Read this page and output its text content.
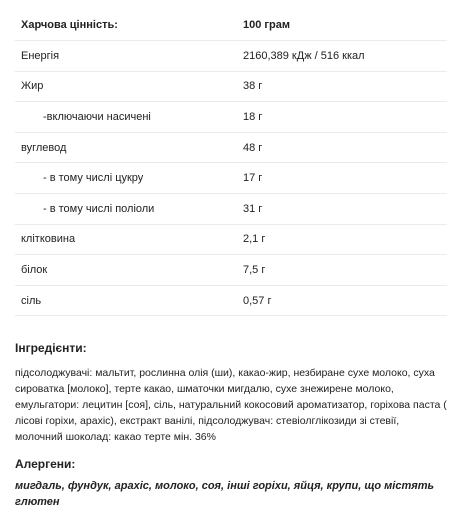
Харчова цінність:	100 грам
Енергія	2160,389 кДж / 516 ккал
Жир	38 г
-включаючи насичені	18 г
вуглевод	48 г
- в тому числі цукру	17 г
- в тому числі поліоли	31 г
клітковина	2,1 г
білок	7,5 г
сіль	0,57 г
Інгредієнти:

підсолоджувачі: мальтит, рослинна олія (ши), какао-жир, незбиране сухе молоко, суха сироватка [молоко], терте какао, шматочки мигдалю, сухе знежирене молоко, емульгатори: лецитин [соя], сіль, натуральний кокосовий ароматизатор, горіхова паста ( лісові горіхи, арахіс), екстракт ванілі, підсолоджувач: стевіолглікозиди зі стевії, молочний шоколад: какао терте мін. 36%

Алергени:

мигдаль, фундук, арахіс, молоко, соя, інші горіхи, яйця, крупи, що містять глютен
